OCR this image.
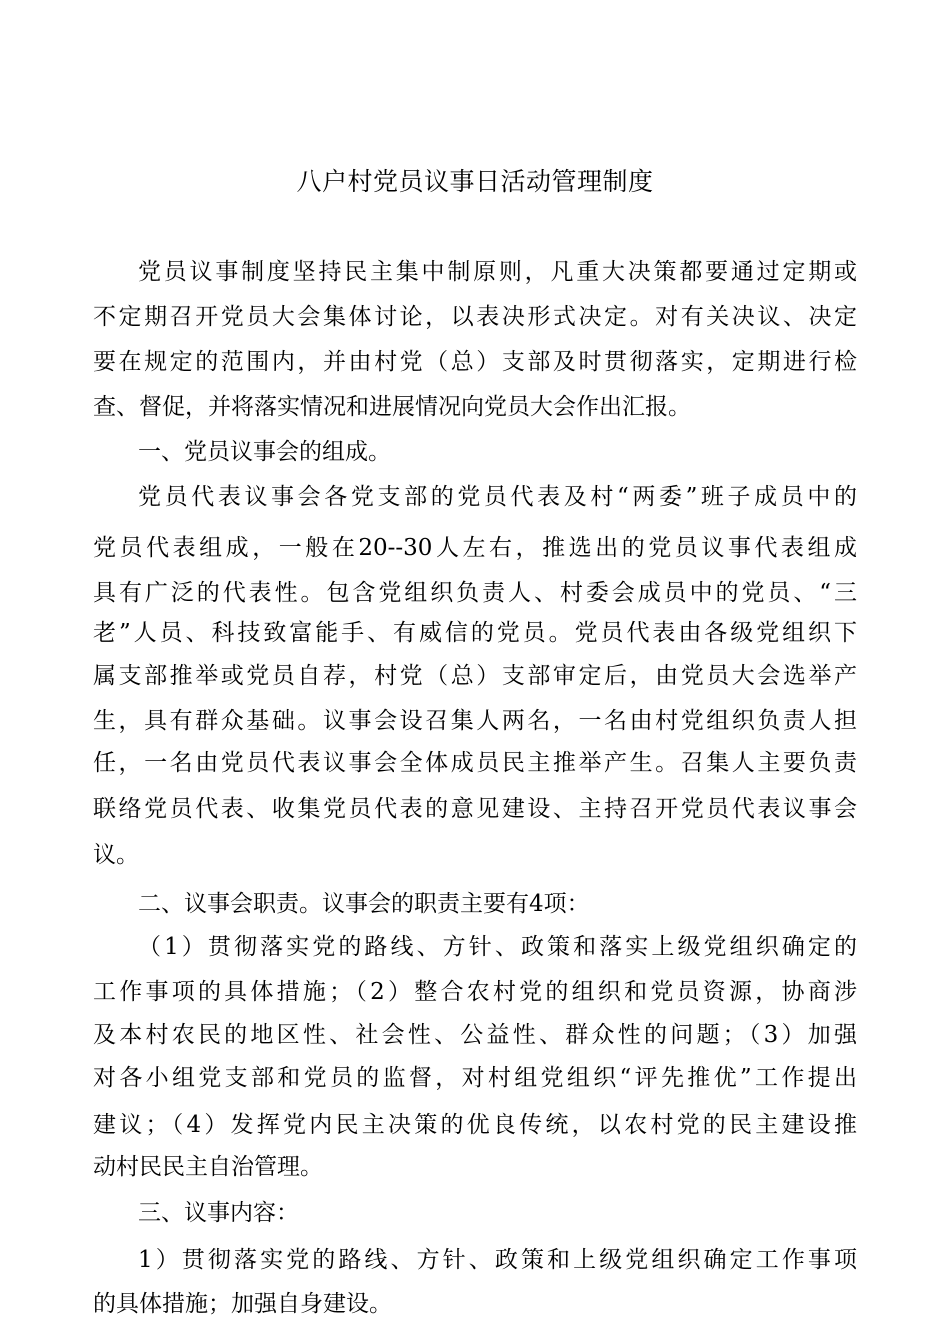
八户村党员议事日活动管理制度
党员议事制度坚持民主集中制原则，凡重大决策都要通过定期或
不定期召开党员大会集体讨论，以表决形式决定。对有关决议、决定
要在规定的范围内，并由村党（总）支部及时贯彻落实，定期进行检
查、督促，并将落实情况和进展情况向党员大会作出汇报。
一、党员议事会的组成。
党员代表议事会各党支部的党员代表及村“两委”班子成员中的
党员代表组成，一般在20--30人左右，推选出的党员议事代表组成
具有广泛的代表性。包含党组织负责人、村委会成员中的党员、“三
老”人员、科技致富能手、有威信的党员。党员代表由各级党组织下
属支部推举或党员自荐，村党（总）支部审定后，由党员大会选举产
生，具有群众基础。议事会设召集人两名，一名由村党组织负责人担
任，一名由党员代表议事会全体成员民主推举产生。召集人主要负责
联络党员代表、收集党员代表的意见建设、主持召开党员代表议事会
议。
二、议事会职责。议事会的职责主要有4项：
（1）贯彻落实党的路线、方针、政策和落实上级党组织确定的
工作事项的具体措施；（2）整合农村党的组织和党员资源，协商涉
及本村农民的地区性、社会性、公益性、群众性的问题；（3）加强
对各小组党支部和党员的监督，对村组党组织“评先推优”工作提出
建议；（4）发挥党内民主决策的优良传统，以农村党的民主建设推
动村民民主自治管理。
三、议事内容：
1）贯彻落实党的路线、方针、政策和上级党组织确定工作事项
的具体措施；加强自身建设。
